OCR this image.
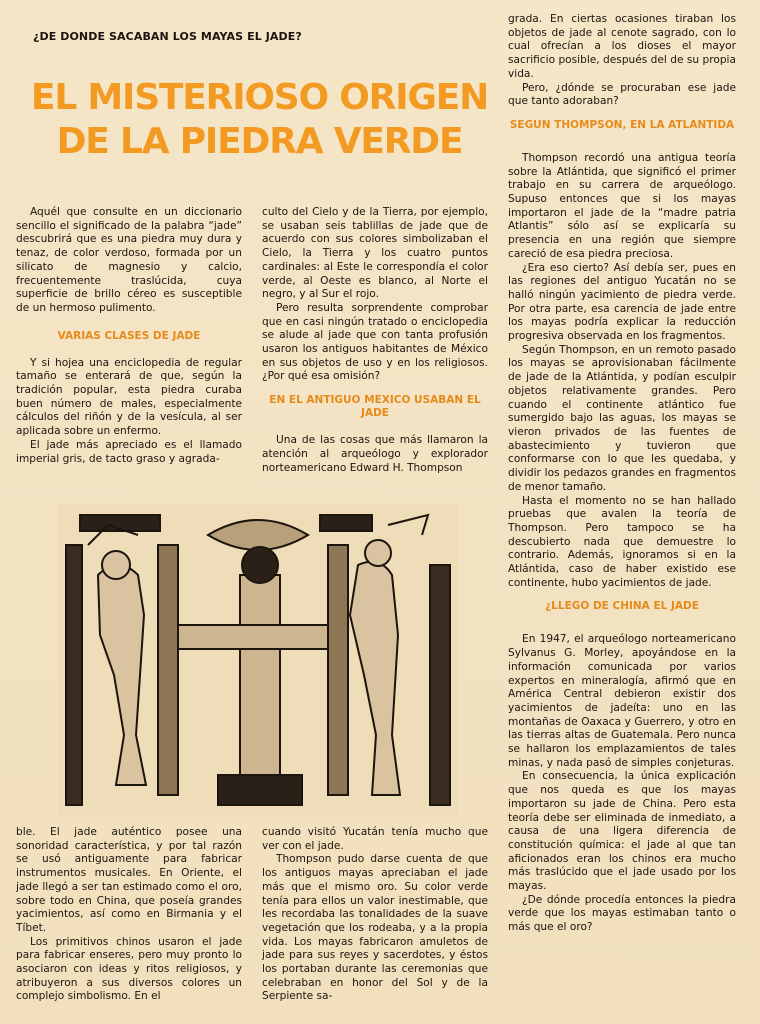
¿DE DONDE SACABAN LOS MAYAS EL JADE?
EL MISTERIOSO ORIGEN
DE LA PIEDRA VERDE

Aquél que consulte en un diccionario sencillo el significado de la palabra “jade” descubrirá que es una piedra muy dura y tenaz, de color verdoso, formada por un silicato de magnesio y calcio, frecuentemente traslúcida, cuya superficie de brillo céreo es susceptible de un hermoso pulimento.

VARIAS CLASES DE JADE

Y si hojea una enciclopedia de regular tamaño se enterará de que, según la tradición popular, esta piedra curaba buen número de males, especialmente cálculos del riñón y de la vesícula, al ser aplicada sobre un enfermo.

El jade más apreciado es el llamado imperial gris, de tacto graso y agrada-

culto del Cielo y de la Tierra, por ejemplo, se usaban seis tablillas de jade que de acuerdo con sus colores simbolizaban el Cielo, la Tierra y los cuatro puntos cardinales: al Este le correspondía el color verde, al Oeste es blanco, al Norte el negro, y al Sur el rojo.

Pero resulta sorprendente comprobar que en casi ningún tratado o enciclopedia se alude al jade que con tanta profusión usaron los antiguos habitantes de México en sus objetos de uso y en los religiosos. ¿Por qué esa omisión?

EN EL ANTIGUO MEXICO USABAN EL JADE

Una de las cosas que más llamaron la atención al arqueólogo y explorador norteamericano Edward H. Thompson

grada. En ciertas ocasiones tiraban los objetos de jade al cenote sagrado, con lo cual ofrecían a los dioses el mayor sacrificio posible, después del de su propia vida.

Pero, ¿dónde se procuraban ese jade que tanto adoraban?

SEGUN THOMPSON, EN LA ATLANTIDA

Thompson recordó una antigua teoría sobre la Atlántida, que significó el primer trabajo en su carrera de arqueólogo. Supuso entonces que si los mayas importaron el jade de la “madre patria Atlantis” sólo así se explicaría su presencia en una región que siempre careció de esa piedra preciosa.

¿Era eso cierto? Así debía ser, pues en las regiones del antiguo Yucatán no se halló ningún yacimiento de piedra verde. Por otra parte, esa carencia de jade entre los mayas podría explicar la reducción progresiva observada en los fragmentos.

Según Thompson, en un remoto pasado los mayas se aprovisionaban fácilmente de jade de la Atlántida, y podían esculpir objetos relativamente grandes. Pero cuando el continente atlántico fue sumergido bajo las aguas, los mayas se vieron privados de las fuentes de abastecimiento y tuvieron que conformarse con lo que les quedaba, y dividir los pedazos grandes en fragmentos de menor tamaño.

Hasta el momento no se han hallado pruebas que avalen la teoría de Thompson. Pero tampoco se ha descubierto nada que demuestre lo contrario. Además, ignoramos si en la Atlántida, caso de haber existido ese continente, hubo yacimientos de jade.

¿LLEGO DE CHINA EL JADE

En 1947, el arqueólogo norteamericano Sylvanus G. Morley, apoyándose en la información comunicada por varios expertos en mineralogía, afirmó que en América Central debieron existir dos yacimientos de jadeíta: uno en las montañas de Oaxaca y Guerrero, y otro en las tierras altas de Guatemala. Pero nunca se hallaron los emplazamientos de tales minas, y nada pasó de simples conjeturas.

En consecuencia, la única explicación que nos queda es que los mayas importaron su jade de China. Pero esta teoría debe ser eliminada de inmediato, a causa de una ligera diferencia de constitución química: el jade al que tan aficionados eran los chinos era mucho más traslúcido que el jade usado por los mayas.

¿De dónde procedía entonces la piedra verde que los mayas estimaban tanto o más que el oro?

ble. El jade auténtico posee una sonoridad característica, y por tal razón se usó antiguamente para fabricar instrumentos musicales. En Oriente, el jade llegó a ser tan estimado como el oro, sobre todo en China, que poseía grandes yacimientos, así como en Birmania y el Tíbet.

Los primitivos chinos usaron el jade para fabricar enseres, pero muy pronto lo asociaron con ideas y ritos religiosos, y atribuyeron a sus diversos colores un complejo simbolismo. En el

cuando visitó Yucatán tenía mucho que ver con el jade.

Thompson pudo darse cuenta de que los antiguos mayas apreciaban el jade más que el mismo oro. Su color verde tenía para ellos un valor inestimable, que les recordaba las tonalidades de la suave vegetación que los rodeaba, y a la propia vida. Los mayas fabricaron amuletos de jade para sus reyes y sacerdotes, y éstos los portaban durante las ceremonias que celebraban en honor del Sol y de la Serpiente sa-
